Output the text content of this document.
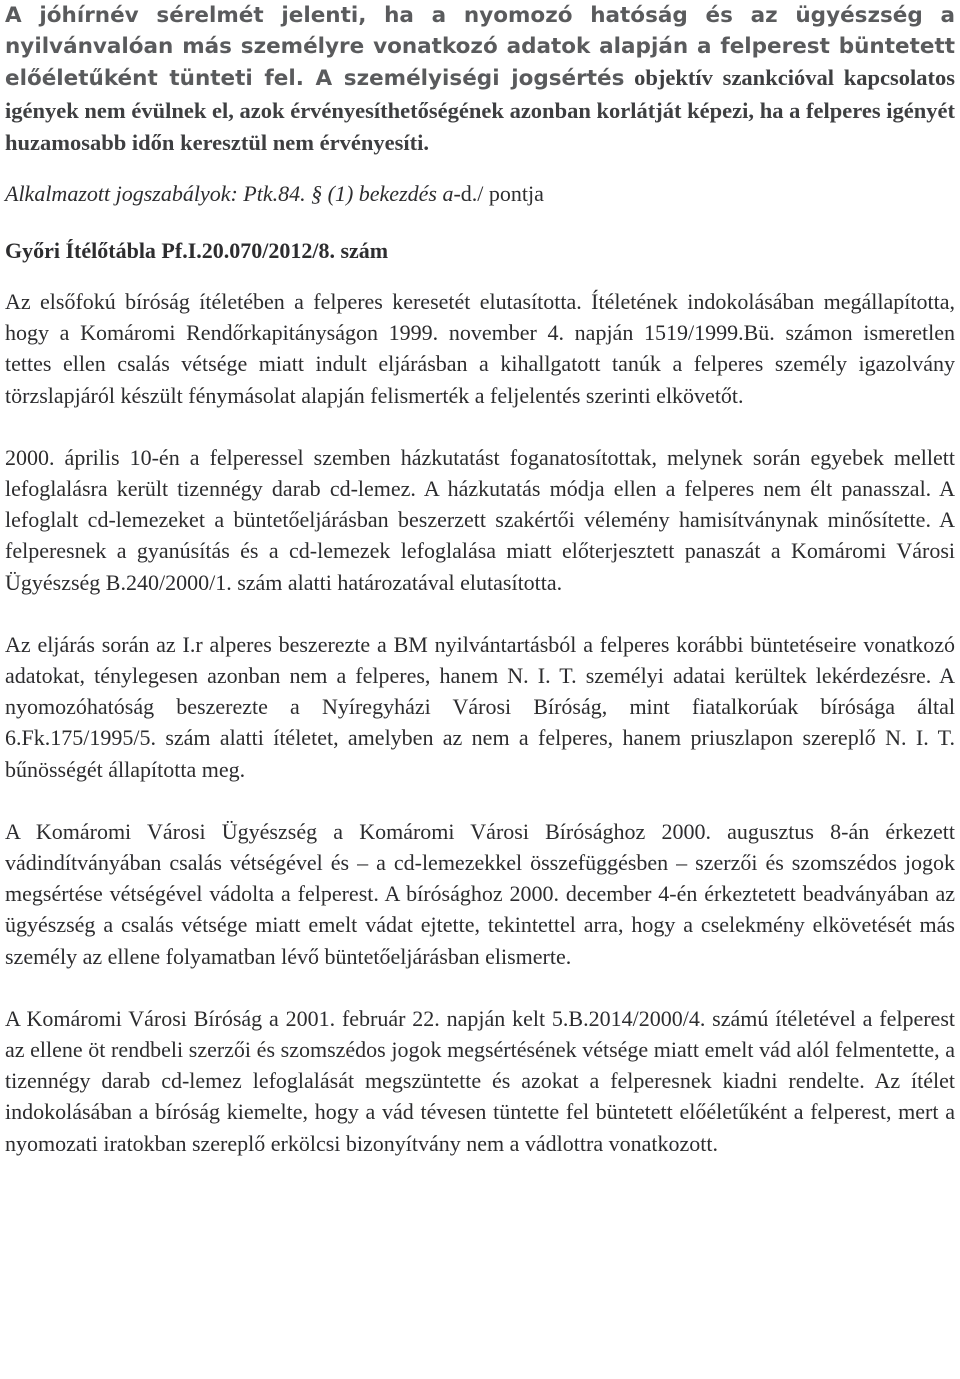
A jóhírnév sérelmét jelenti, ha a nyomozó hatóság és az ügyészség a nyilvánvalóan más személyre vonatkozó adatok alapján a felperest büntetett előéletűként tünteti fel. A személyiségi jogsértés objektív szankcióval kapcsolatos igények nem évülnek el, azok érvényesíthetőségének azonban korlátját képezi, ha a felperes igényét huzamosabb időn keresztül nem érvényesíti.

Alkalmazott jogszabályok: Ptk.84. § (1) bekezdés a-d./ pontja

Győri Ítélőtábla Pf.I.20.070/2012/8. szám

Az elsőfokú bíróság ítéletében a felperes keresetét elutasította. Ítéletének indokolásában megállapította, hogy a Komáromi Rendőrkapitányságon 1999. november 4. napján 1519/1999.Bü. számon ismeretlen tettes ellen csalás vétsége miatt indult eljárásban a kihallgatott tanúk a felperes személy igazolvány törzslapjáról készült fénymásolat alapján felismerték a feljelentés szerinti elkövetőt.

2000. április 10-én a felperessel szemben házkutatást foganatosítottak, melynek során egyebek mellett lefoglalásra került tizennégy darab cd-lemez. A házkutatás módja ellen a felperes nem élt panasszal. A lefoglalt cd-lemezeket a büntetőeljárásban beszerzett szakértői vélemény hamisítványnak minősítette. A felperesnek a gyanúsítás és a cd-lemezek lefoglalása miatt előterjesztett panaszát a Komáromi Városi Ügyészség B.240/2000/1. szám alatti határozatával elutasította.

Az eljárás során az I.r alperes beszerezte a BM nyilvántartásból a felperes korábbi büntetéseire vonatkozó adatokat, ténylegesen azonban nem a felperes, hanem N. I. T. személyi adatai kerültek lekérdezésre. A nyomozóhatóság beszerezte a Nyíregyházi Városi Bíróság, mint fiatalkorúak bírósága által 6.Fk.175/1995/5. szám alatti ítéletet, amelyben az nem a felperes, hanem priuszlapon szereplő N. I. T. bűnösségét állapította meg.

A Komáromi Városi Ügyészség a Komáromi Városi Bírósághoz 2000. augusztus 8-án érkezett vádindítványában csalás vétségével és – a cd-lemezekkel összefüggésben – szerzői és szomszédos jogok megsértése vétségével vádolta a felperest. A bírósághoz 2000. december 4-én érkeztetett beadványában az ügyészség a csalás vétsége miatt emelt vádat ejtette, tekintettel arra, hogy a cselekmény elkövetését más személy az ellene folyamatban lévő büntetőeljárásban elismerte.

A Komáromi Városi Bíróság a 2001. február 22. napján kelt 5.B.2014/2000/4. számú ítéletével a felperest az ellene öt rendbeli szerzői és szomszédos jogok megsértésének vétsége miatt emelt vád alól felmentette, a tizennégy darab cd-lemez lefoglalását megszüntette és azokat a felperesnek kiadni rendelte. Az ítélet indokolásában a bíróság kiemelte, hogy a vád tévesen tüntette fel büntetett előéletűként a felperest, mert a nyomozati iratokban szereplő erkölcsi bizonyítvány nem a vádlottra vonatkozott.
